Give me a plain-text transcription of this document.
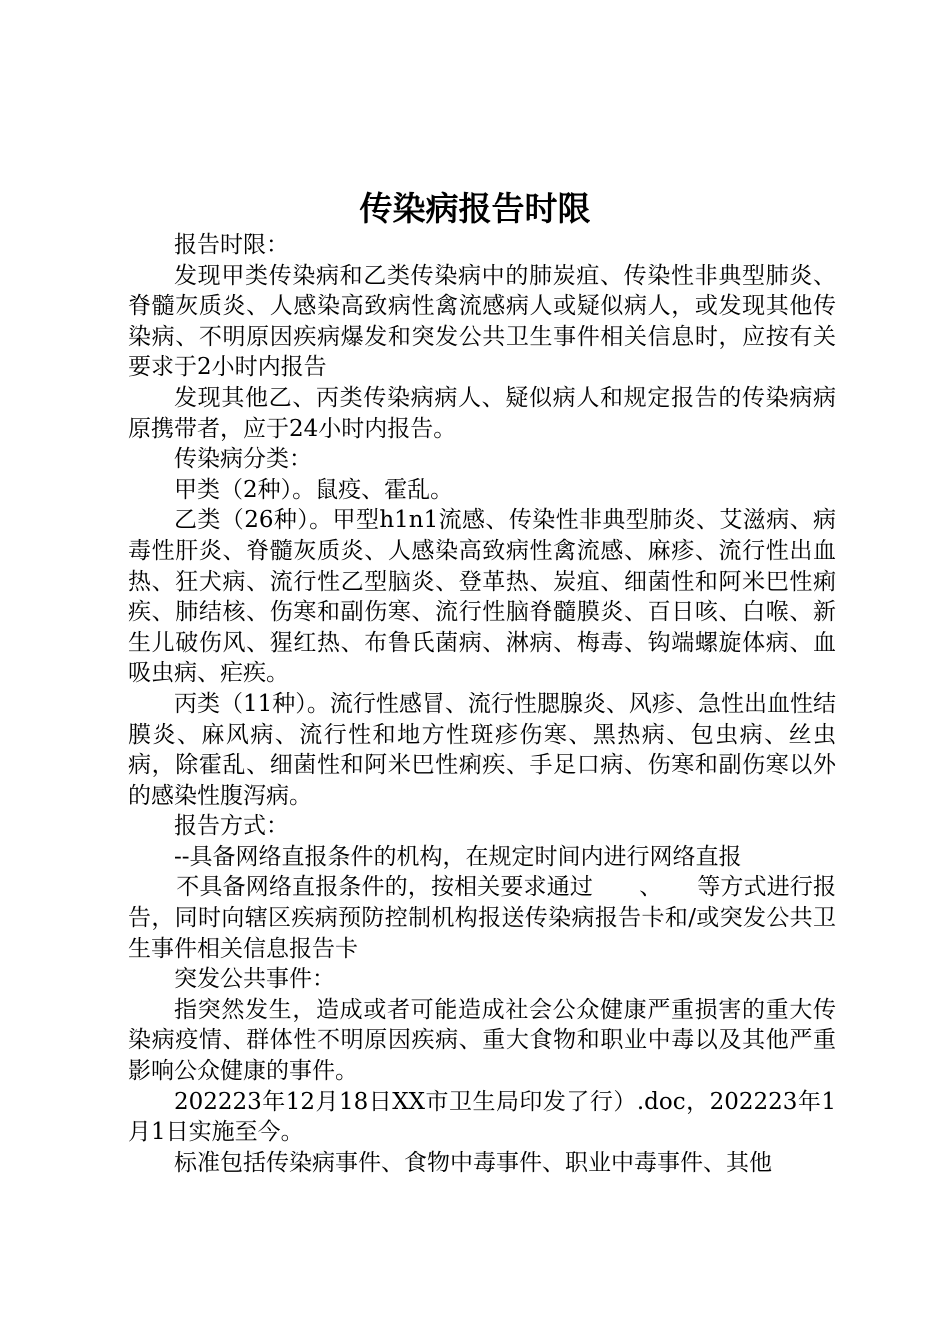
传染病报告时限

报告时限：

发现甲类传染病和乙类传染病中的肺炭疽、传染性非典型肺炎、脊髓灰质炎、人感染高致病性禽流感病人或疑似病人，或发现其他传染病、不明原因疾病爆发和突发公共卫生事件相关信息时，应按有关要求于2小时内报告

发现其他乙、丙类传染病病人、疑似病人和规定报告的传染病病原携带者，应于24小时内报告。

传染病分类：

甲类（2种）。鼠疫、霍乱。

乙类（26种）。甲型h1n1流感、传染性非典型肺炎、艾滋病、病毒性肝炎、脊髓灰质炎、人感染高致病性禽流感、麻疹、流行性出血热、狂犬病、流行性乙型脑炎、登革热、炭疽、细菌性和阿米巴性痢疾、肺结核、伤寒和副伤寒、流行性脑脊髓膜炎、百日咳、白喉、新生儿破伤风、猩红热、布鲁氏菌病、淋病、梅毒、钩端螺旋体病、血吸虫病、疟疾。

丙类（11种）。流行性感冒、流行性腮腺炎、风疹、急性出血性结膜炎、麻风病、流行性和地方性斑疹伤寒、黑热病、包虫病、丝虫病，除霍乱、细菌性和阿米巴性痢疾、手足口病、伤寒和副伤寒以外的感染性腹泻病。

报告方式：

--具备网络直报条件的机构，在规定时间内进行网络直报

不具备网络直报条件的，按相关要求通过　　、　　等方式进行报告，同时向辖区疾病预防控制机构报送传染病报告卡和/或突发公共卫生事件相关信息报告卡

突发公共事件：

指突然发生，造成或者可能造成社会公众健康严重损害的重大传染病疫情、群体性不明原因疾病、重大食物和职业中毒以及其他严重影响公众健康的事件。

202223年12月18日XX市卫生局印发了行）.doc，202223年1月1日实施至今。

标准包括传染病事件、食物中毒事件、职业中毒事件、其他
